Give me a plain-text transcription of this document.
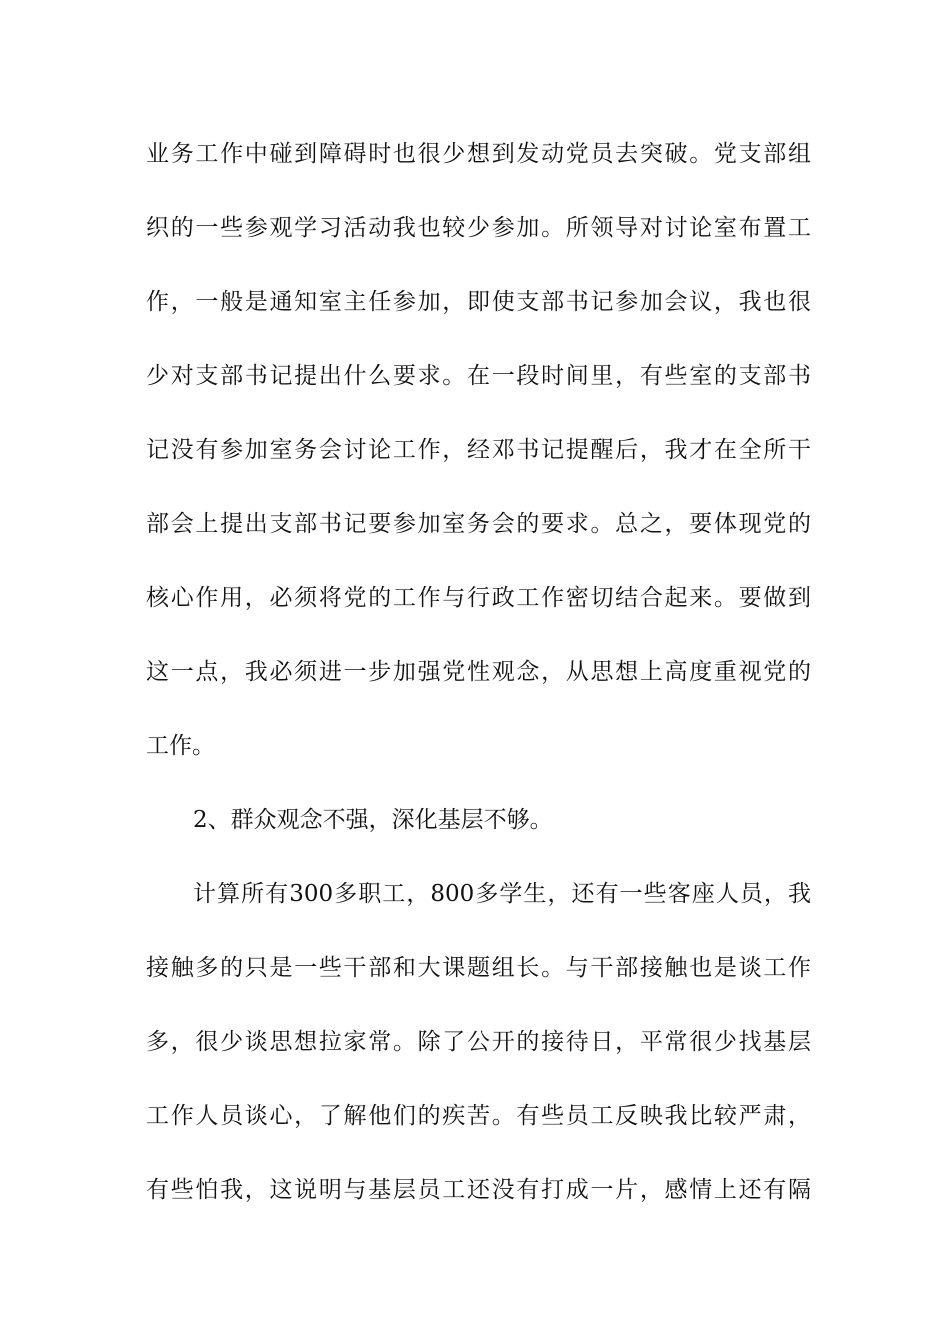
业务工作中碰到障碍时也很少想到发动党员去突破。党支部组
织的一些参观学习活动我也较少参加。所领导对讨论室布置工
作，一般是通知室主任参加，即使支部书记参加会议，我也很
少对支部书记提出什么要求。在一段时间里，有些室的支部书
记没有参加室务会讨论工作，经邓书记提醒后，我才在全所干
部会上提出支部书记要参加室务会的要求。总之，要体现党的
核心作用，必须将党的工作与行政工作密切结合起来。要做到
这一点，我必须进一步加强党性观念，从思想上高度重视党的
工作。
2、群众观念不强，深化基层不够。
计算所有300多职工，800多学生，还有一些客座人员，我
接触多的只是一些干部和大课题组长。与干部接触也是谈工作
多，很少谈思想拉家常。除了公开的接待日，平常很少找基层
工作人员谈心，了解他们的疾苦。有些员工反映我比较严肃，
有些怕我，这说明与基层员工还没有打成一片，感情上还有隔
